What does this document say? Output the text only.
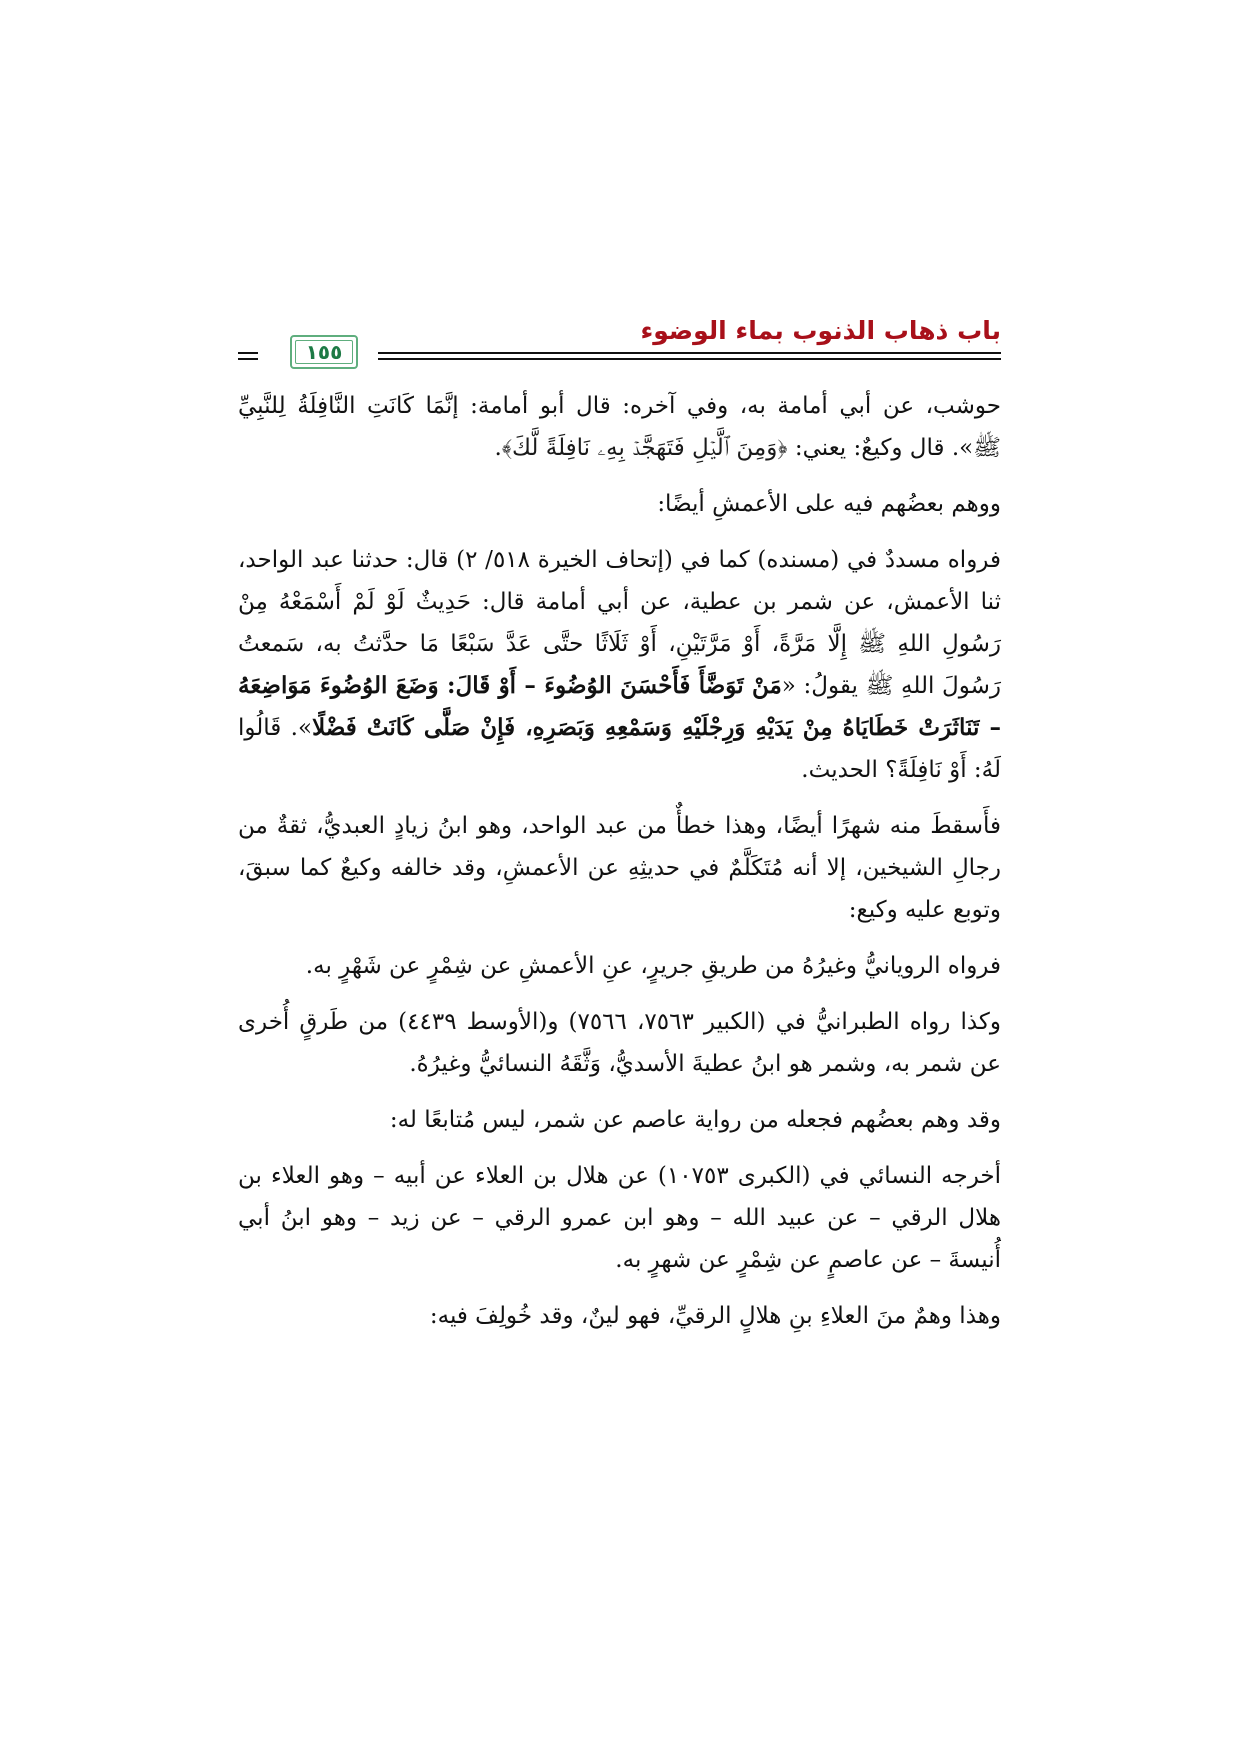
باب ذهاب الذنوب بماء الوضوء
١٥٥

حوشب، عن أبي أمامة به، وفي آخره: قال أبو أمامة: إنَّمَا كَانَتِ النَّافِلَةُ لِلنَّبِيِّ ﷺ». قال وكيعٌ: يعني: ﴿وَمِنَ ٱلَّيۡلِ فَتَهَجَّدۡ بِهِۦ نَافِلَةً لَّكَ﴾.

ووهم بعضُهم فيه على الأعمشِ أيضًا:

فرواه مسددٌ في (مسنده) كما في (إتحاف الخيرة ٥١٨/ ٢) قال: حدثنا عبد الواحد، ثنا الأعمش، عن شمر بن عطية، عن أبي أمامة قال: حَدِيثٌ لَوْ لَمْ أَسْمَعْهُ مِنْ رَسُولِ اللهِ ﷺ إِلَّا مَرَّةً، أَوْ مَرَّتَيْنِ، أَوْ ثَلَاثًا حتَّى عَدَّ سَبْعًا مَا حدَّثتُ به، سَمعتُ رَسُولَ اللهِ ﷺ يقولُ: «مَنْ تَوَضَّأَ فَأَحْسَنَ الوُضُوءَ – أَوْ قَالَ: وَضَعَ الوُضُوءَ مَوَاضِعَهُ – تَنَاثَرَتْ خَطَايَاهُ مِنْ يَدَيْهِ وَرِجْلَيْهِ وَسَمْعِهِ وَبَصَرِهِ، فَإِنْ صَلَّى كَانَتْ فَضْلًا». قَالُوا لَهُ: أَوْ نَافِلَةً؟ الحديث.

فأَسقطَ منه شهرًا أيضًا، وهذا خطأٌ من عبد الواحد، وهو ابنُ زيادٍ العبديُّ، ثقةٌ من رجالِ الشيخين، إلا أنه مُتَكَلَّمٌ في حديثِهِ عن الأعمشِ، وقد خالفه وكيعٌ كما سبقَ، وتوبع عليه وكيع:

فرواه الرويانيُّ وغيرُهُ من طريقِ جريرٍ، عنِ الأعمشِ عن شِمْرٍ عن شَهْرٍ به.

وكذا رواه الطبرانيُّ في (الكبير ٧٥٦٣، ٧٥٦٦) و(الأوسط ٤٤٣٩) من طَرقٍ أُخرى عن شمر به، وشمر هو ابنُ عطيةَ الأسديُّ، وَثَّقَهُ النسائيُّ وغيرُهُ.

وقد وهم بعضُهم فجعله من رواية عاصم عن شمر، ليس مُتابعًا له:

أخرجه النسائي في (الكبرى ١٠٧٥٣) عن هلال بن العلاء عن أبيه – وهو العلاء بن هلال الرقي – عن عبيد الله – وهو ابن عمرو الرقي – عن زيد – وهو ابنُ أبي أُنيسةَ – عن عاصمٍ عن شِمْرٍ عن شهرٍ به.

وهذا وهمٌ منَ العلاءِ بنِ هلالٍ الرقيِّ، فهو لينٌ، وقد خُولِفَ فيه:
